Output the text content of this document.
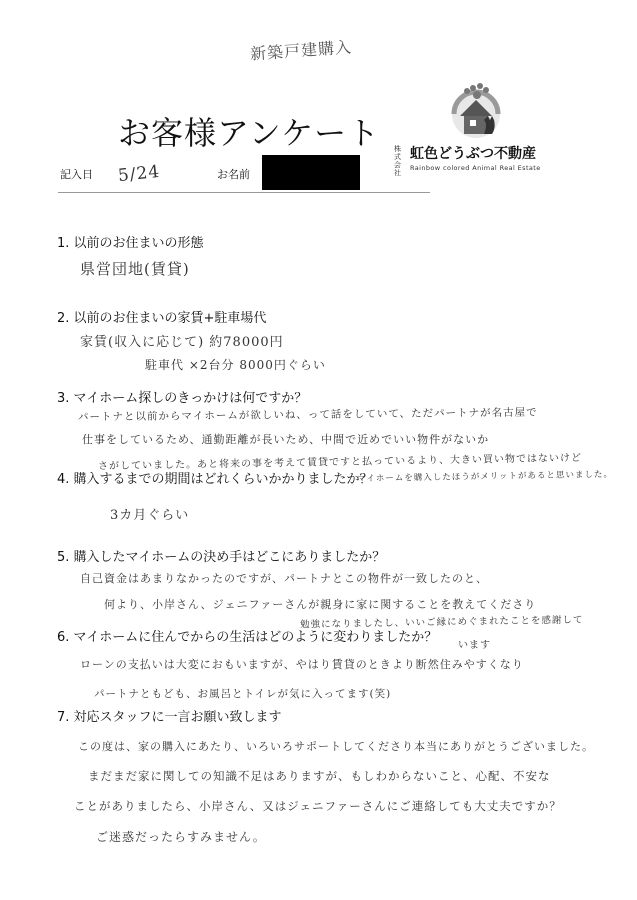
新築戸建購入
お客様アンケート 株式会社
虹色どうぶつ不動産
Rainbow colored Animal Real Estate
記入日 5/24	お名前
1. 以前のお住まいの形態
県営団地(賃貸)
2. 以前のお住まいの家賃+駐車場代
家賃(収入に応じて) 約78000円
駐車代 ×2台分 8000円ぐらい
3. マイホーム探しのきっかけは何ですか？
パートナと以前からマイホームが欲しいね、って話をしていて、ただパートナが名古屋で
仕事をしているため、通勤距離が長いため、中間で近めでいい物件がないか
さがしていました。あと将来の事を考えて賃貸ですと払っているより、大きい買い物ではないけど
4. 購入するまでの期間はどれくらいかかりましたか？
マイホームを購入したほうがメリットがあると思いました。
3カ月ぐらい
5. 購入したマイホームの決め手はどこにありましたか？
自己資金はあまりなかったのですが、パートナとこの物件が一致したのと、
何より、小岸さん、ジェニファーさんが親身に家に関することを教えてくださり
勉強になりましたし、いいご縁にめぐまれたことを感謝して
6. マイホームに住んでからの生活はどのように変わりましたか？
います
ローンの支払いは大変におもいますが、やはり賃貸のときより断然住みやすくなり
パートナともども、お風呂とトイレが気に入ってます(笑)
7. 対応スタッフに一言お願い致します
この度は、家の購入にあたり、いろいろサポートしてくださり本当にありがとうございました。
まだまだ家に関しての知識不足はありますが、もしわからないこと、心配、不安な
ことがありましたら、小岸さん、又はジェニファーさんにご連絡しても大丈夫ですか？
ご迷惑だったらすみません。
